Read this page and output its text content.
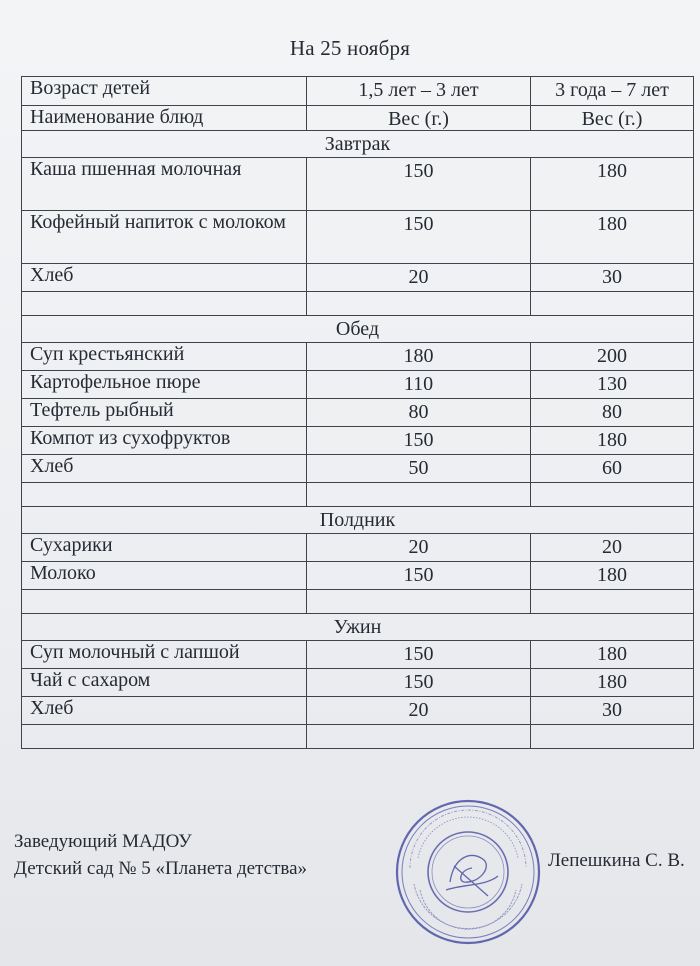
На 25 ноября
Возраст детей	1,5 лет – 3 лет	3 года – 7 лет
Наименование блюд	Вес (г.)	Вес (г.)
Завтрак		
Каша пшенная молочная	150	180
Кофейный напиток с молоком	150	180
Хлеб	20	30

Обед		
Суп крестьянский	180	200
Картофельное пюре	110	130
Тефтель рыбный	80	80
Компот из сухофруктов	150	180
Хлеб	50	60

Полдник		
Сухарики	20	20
Молоко	150	180

Ужин		
Суп молочный с лапшой	150	180
Чай с сахаром	150	180
Хлеб	20	30

Заведующий МАДОУ
Детский сад № 5 «Планета детства»	Лепешкина С. В.
